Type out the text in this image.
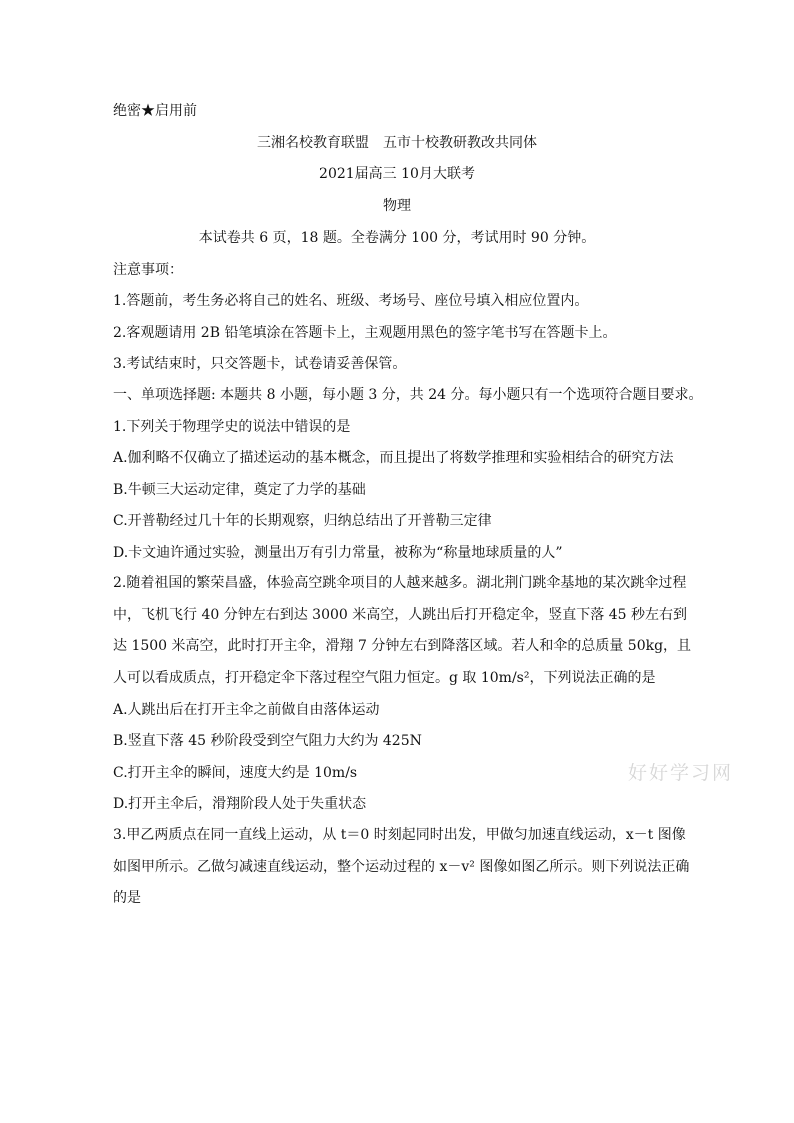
绝密★启用前
三湘名校教育联盟　五市十校教研教改共同体
2021届高三 10月大联考
物理
本试卷共 6 页，18 题。全卷满分 100 分，考试用时 90 分钟。
注意事项：
1.答题前，考生务必将自己的姓名、班级、考场号、座位号填入相应位置内。
2.客观题请用 2B 铅笔填涂在答题卡上，主观题用黑色的签字笔书写在答题卡上。
3.考试结束时，只交答题卡，试卷请妥善保管。
一、单项选择题: 本题共 8 小题，每小题 3 分，共 24 分。每小题只有一个选项符合题目要求。
1.下列关于物理学史的说法中错误的是
A.伽利略不仅确立了描述运动的基本概念，而且提出了将数学推理和实验相结合的研究方法
B.牛顿三大运动定律，奠定了力学的基础
C.开普勒经过几十年的长期观察，归纳总结出了开普勒三定律
D.卡文迪许通过实验，测量出万有引力常量，被称为“称量地球质量的人”
2.随着祖国的繁荣昌盛，体验高空跳伞项目的人越来越多。湖北荆门跳伞基地的某次跳伞过程中，飞机飞行 40 分钟左右到达 3000 米高空，人跳出后打开稳定伞，竖直下落 45 秒左右到达 1500 米高空，此时打开主伞，滑翔 7 分钟左右到降落区域。若人和伞的总质量 50kg，且人可以看成质点，打开稳定伞下落过程空气阻力恒定。g 取 10m/s²，下列说法正确的是
A.人跳出后在打开主伞之前做自由落体运动
B.竖直下落 45 秒阶段受到空气阻力大约为 425N
C.打开主伞的瞬间，速度大约是 10m/s
D.打开主伞后，滑翔阶段人处于失重状态
3.甲乙两质点在同一直线上运动，从 t＝0 时刻起同时出发，甲做匀加速直线运动，x－t 图像如图甲所示。乙做匀减速直线运动，整个运动过程的 x－v² 图像如图乙所示。则下列说法正确的是
好好学习网
